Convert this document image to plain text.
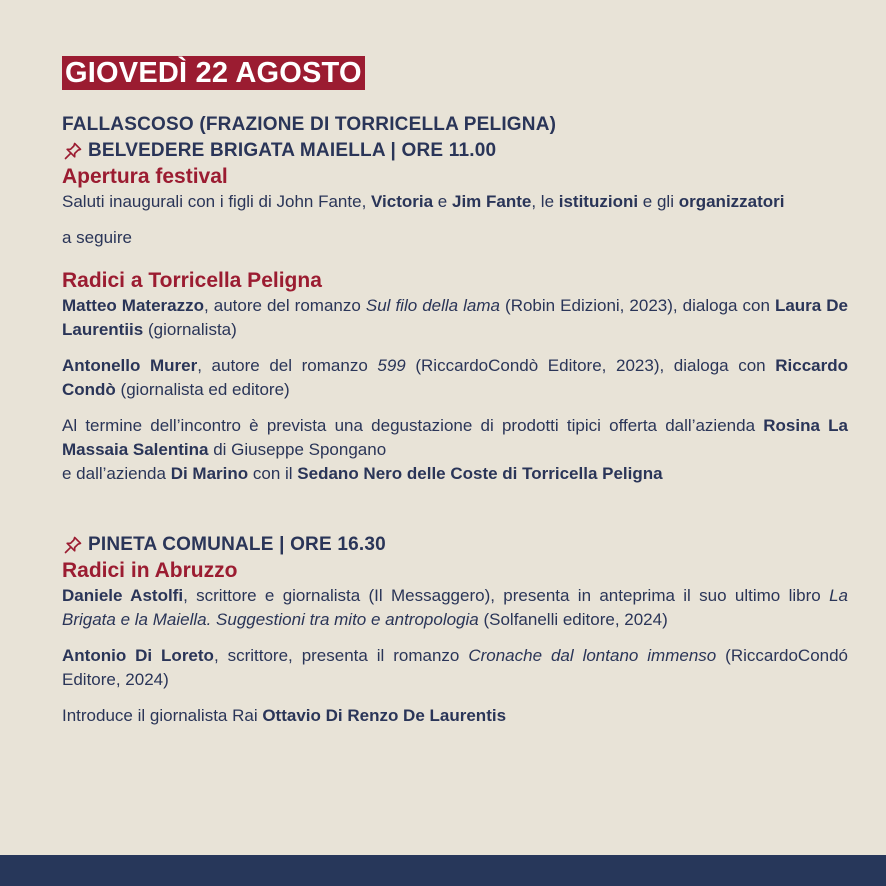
GIOVEDÌ 22 AGOSTO
FALLASCOSO (FRAZIONE DI TORRICELLA PELIGNA)
BELVEDERE BRIGATA MAIELLA | ORE 11.00
Apertura festival

Saluti inaugurali con i figli di John Fante, Victoria e Jim Fante, le istituzioni e gli organizzatori

a seguire

Radici a Torricella Peligna

Matteo Materazzo, autore del romanzo Sul filo della lama (Robin Edizioni, 2023), dialoga con Laura De Laurentiis (giornalista)

Antonello Murer, autore del romanzo 599 (RiccardoCondò Editore, 2023), dialoga con Riccardo Condò (giornalista ed editore)

Al termine dell’incontro è prevista una degustazione di prodotti tipici offerta dall’azienda Rosina La Massaia Salentina di Giuseppe Spongano
e dall’azienda Di Marino con il Sedano Nero delle Coste di Torricella Peligna

PINETA COMUNALE | ORE 16.30
Radici in Abruzzo

Daniele Astolfi, scrittore e giornalista (Il Messaggero), presenta in anteprima il suo ultimo libro La Brigata e la Maiella. Suggestioni tra mito e antropologia (Solfanelli editore, 2024)

Antonio Di Loreto, scrittore, presenta il romanzo Cronache dal lontano immenso (RiccardoCondó Editore, 2024)

Introduce il giornalista Rai Ottavio Di Renzo De Laurentis
